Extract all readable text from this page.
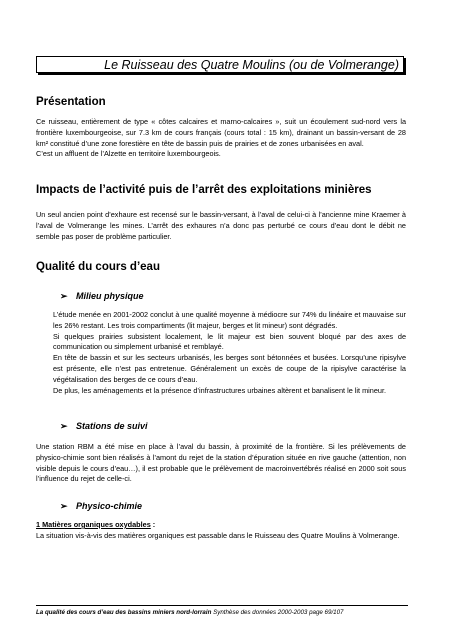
Le Ruisseau des Quatre Moulins (ou de Volmerange)
Présentation

Ce ruisseau, entièrement de type « côtes calcaires et marno-calcaires », suit un écoulement sud-nord vers la frontière luxembourgeoise, sur 7.3 km de cours français (cours total : 15 km), drainant un bassin-versant de 28 km² constitué d’une zone forestière en tête de bassin puis de prairies et de zones urbanisées en aval.

C’est un affluent de l’Alzette en territoire luxembourgeois.

Impacts de l’activité puis de l’arrêt des exploitations minières

Un seul ancien point d’exhaure est recensé sur le bassin-versant, à l’aval de celui-ci à l’ancienne mine Kraemer à l’aval de Volmerange les mines. L’arrêt des exhaures n’a donc pas perturbé ce cours d’eau dont le débit ne semble pas poser de problème particulier.

Qualité du cours d’eau
➢ Milieu physique

L’étude menée en 2001-2002 conclut à une qualité moyenne à médiocre sur 74% du linéaire et mauvaise sur les 26% restant. Les trois compartiments (lit majeur, berges et lit mineur) sont dégradés.

Si quelques prairies subsistent localement, le lit majeur est bien souvent bloqué par des axes de communication ou simplement urbanisé et remblayé.

En tête de bassin et sur les secteurs urbanisés, les berges sont bétonnées et busées. Lorsqu’une ripisylve est présente, elle n’est pas entretenue. Généralement un excès de coupe de la ripisylve caractérise la végétalisation des berges de ce cours d’eau.

De plus, les aménagements et la présence d’infrastructures urbaines altèrent et banalisent le lit mineur.

➢ Stations de suivi

Une station RBM a été mise en place à l’aval du bassin, à proximité de la frontière. Si les prélèvements de physico-chimie sont bien réalisés à l’amont du rejet de la station d’épuration située en rive gauche (attention, non visible depuis le cours d’eau…), il est probable que le prélèvement de macroinvertébrés réalisé en 2000 soit sous l’influence du rejet de celle-ci.

➢ Physico-chimie
1 Matières organiques oxydables :

La situation vis-à-vis des matières organiques est passable dans le Ruisseau des Quatre Moulins à Volmerange.

La qualité des cours d’eau des bassins miniers nord-lorrain Synthèse des données 2000-2003 page 69/107
